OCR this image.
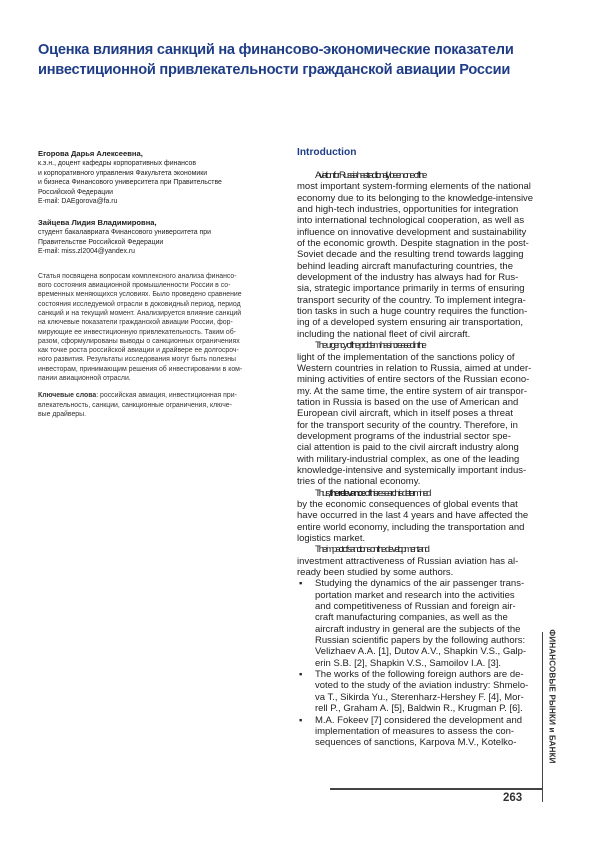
Оценка влияния санкций на финансово-экономические показатели
инвестиционной привлекательности гражданской авиации России

Егорова Дарья Алексеевна,

к.э.н., доцент кафедры корпоративных финансов
и корпоративного управления Факультета экономики
и бизнеса Финансового университета при Правительстве
Российской Федерации
E-mail: DAEgorova@fa.ru

Зайцева Лидия Владимировна,

студент бакалавриата Финансового университета при
Правительстве Российской Федерации
E-mail: miss.zl2004@yandex.ru
Статья посвящена вопросам комплексного анализа финансо-
вого состояния авиационной промышленности России в со-
временных меняющихся условиях. Было проведено сравнение
состояния исследуемой отрасли в доковидный период, период
санкций и на текущий момент. Анализируется влияние санкций
на ключевые показатели гражданской авиации России, фор-
мирующие ее инвестиционную привлекательность. Таким об-
разом, сформулированы выводы о санкционных ограничениях
как точке роста российской авиации и драйвере ее долгосроч-
ного развития. Результаты исследования могут быть полезны
инвесторам, принимающим решения об инвестировании в ком-
пании авиационной отрасли.
Ключевые слова: российская авиация, инвестиционная при-
влекательность, санкции, санкционные ограничения, ключе-
вые драйверы.
Introduction
Aviation for Russia has traditionally been one of the
most important system-forming elements of the national
economy due to its belonging to the knowledge-intensive
and high-tech industries, opportunities for integration
into international technological cooperation, as well as
influence on innovative development and sustainability
of the economic growth. Despite stagnation in the post-
Soviet decade and the resulting trend towards lagging
behind leading aircraft manufacturing countries, the
development of the industry has always had for Rus-
sia, strategic importance primarily in terms of ensuring
transport security of the country. To implement integra-
tion tasks in such a huge country requires the function-
ing of a developed system ensuring air transportation,
including the national fleet of civil aircraft.
The urgency of the problem has increased in the
light of the implementation of the sanctions policy of
Western countries in relation to Russia, aimed at under-
mining activities of entire sectors of the Russian econo-
my. At the same time, the entire system of air transpor-
tation in Russia is based on the use of American and
European civil aircraft, which in itself poses a threat
for the transport security of the country. Therefore, in
development programs of the industrial sector spe-
cial attention is paid to the civil aircraft industry along
with military-industrial complex, as one of the leading
knowledge-intensive and systemically important indus-
tries of the national economy.
Thus, the relevance of this research is determined
by the economic consequences of global events that
have occurred in the last 4 years and have affected the
entire world economy, including the transportation and
logistics market.
The impact of sanctions on the development and
investment attractiveness of Russian aviation has al-
ready been studied by some authors.
▪ Studying the dynamics of the air passenger trans-
portation market and research into the activities
and competitiveness of Russian and foreign air-
craft manufacturing companies, as well as the
aircraft industry in general are the subjects of the
Russian scientific papers by the following authors:
Velizhaev A.A. [1], Dutov A.V., Shapkin V.S., Galp-
erin S.B. [2], Shapkin V.S., Samoilov I.A. [3].
▪ The works of the following foreign authors are de-
voted to the study of the aviation industry: Shmelo-
va T., Sikirda Yu., Sterenharz-Hershey F. [4], Mor-
rell P., Graham A. [5], Baldwin R., Krugman P. [6].
▪ M.A. Fokeev [7] considered the development and
implementation of measures to assess the con-
sequences of sanctions, Karpova M.V., Kotelko-	ФИНАНСОВЫЕ РЫНКИ и БАНКИ
263
